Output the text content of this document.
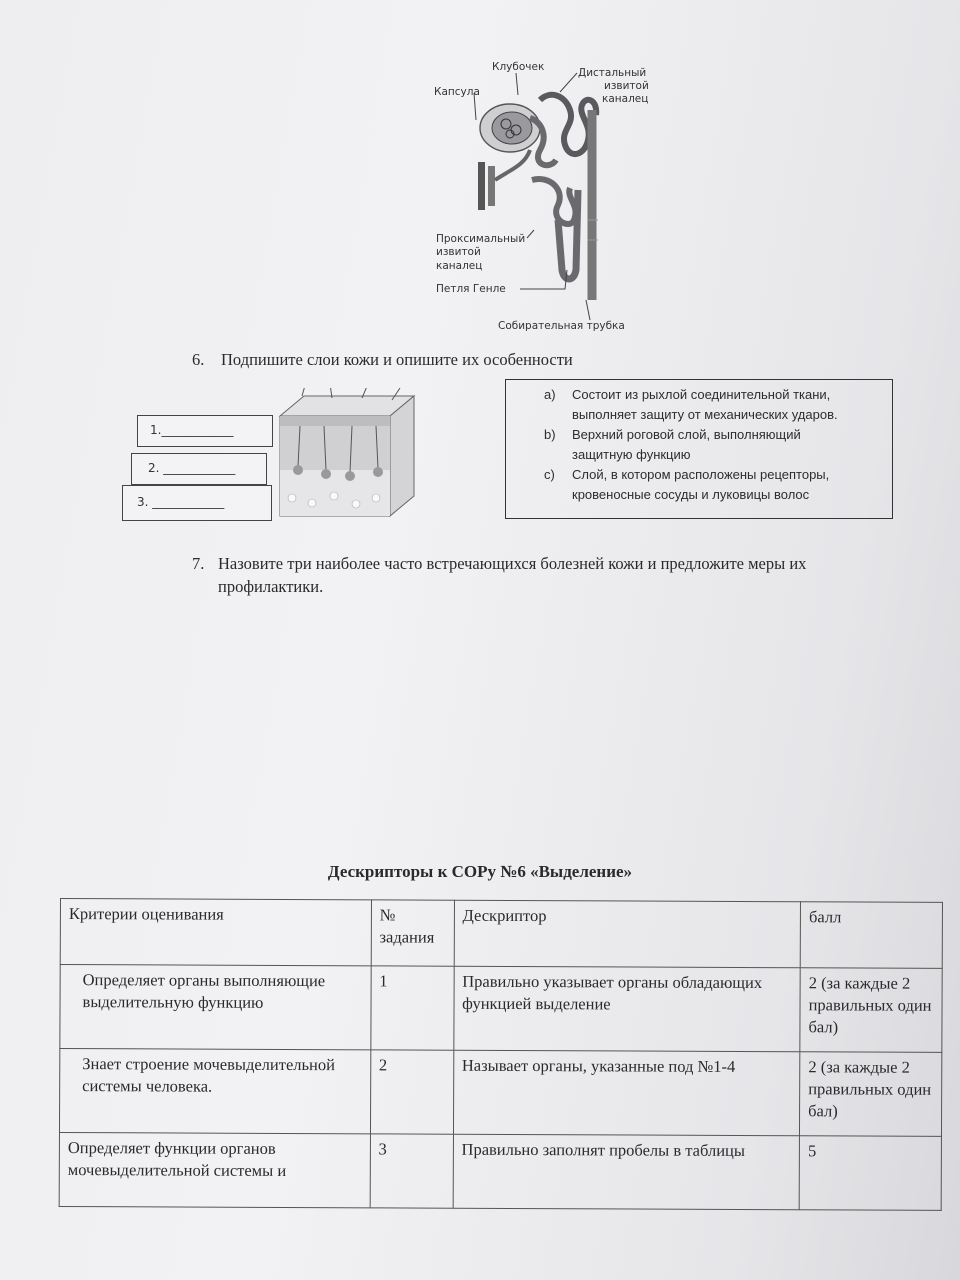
Клубочек	Дистальный
извитой
каналец
Капсула
Проксимальный
извитой
каналец
Петля Генле
Собирательная трубка
6. Подпишите слои кожи и опишите их особенности
1.____________
2. ____________
3. ____________
a) Состоит из рыхлой соединительной ткани,
выполняет защиту от механических ударов.
b) Верхний роговой слой, выполняющий
защитную функцию
c) Слой, в котором расположены рецепторы,
кровеносные сосуды и луковицы волос
7. Назовите три наиболее часто встречающихся болезней кожи и предложите меры их
профилактики.
Дескрипторы к СОРу №6 «Выделение»
Критерии оценивания	№ задания	Дескриптор	балл
Определяет органы выполняющие выделительную функцию	1	Правильно указывает органы обладающих функцией выделение	2 (за каждые 2 правильных один бал)
Знает строение мочевыделительной системы человека.	2	Называет органы, указанные под №1-4	2 (за каждые 2 правильных один бал)
Определяет функции органов мочевыделительной системы и	3	Правильно заполнят пробелы в таблицы	5
